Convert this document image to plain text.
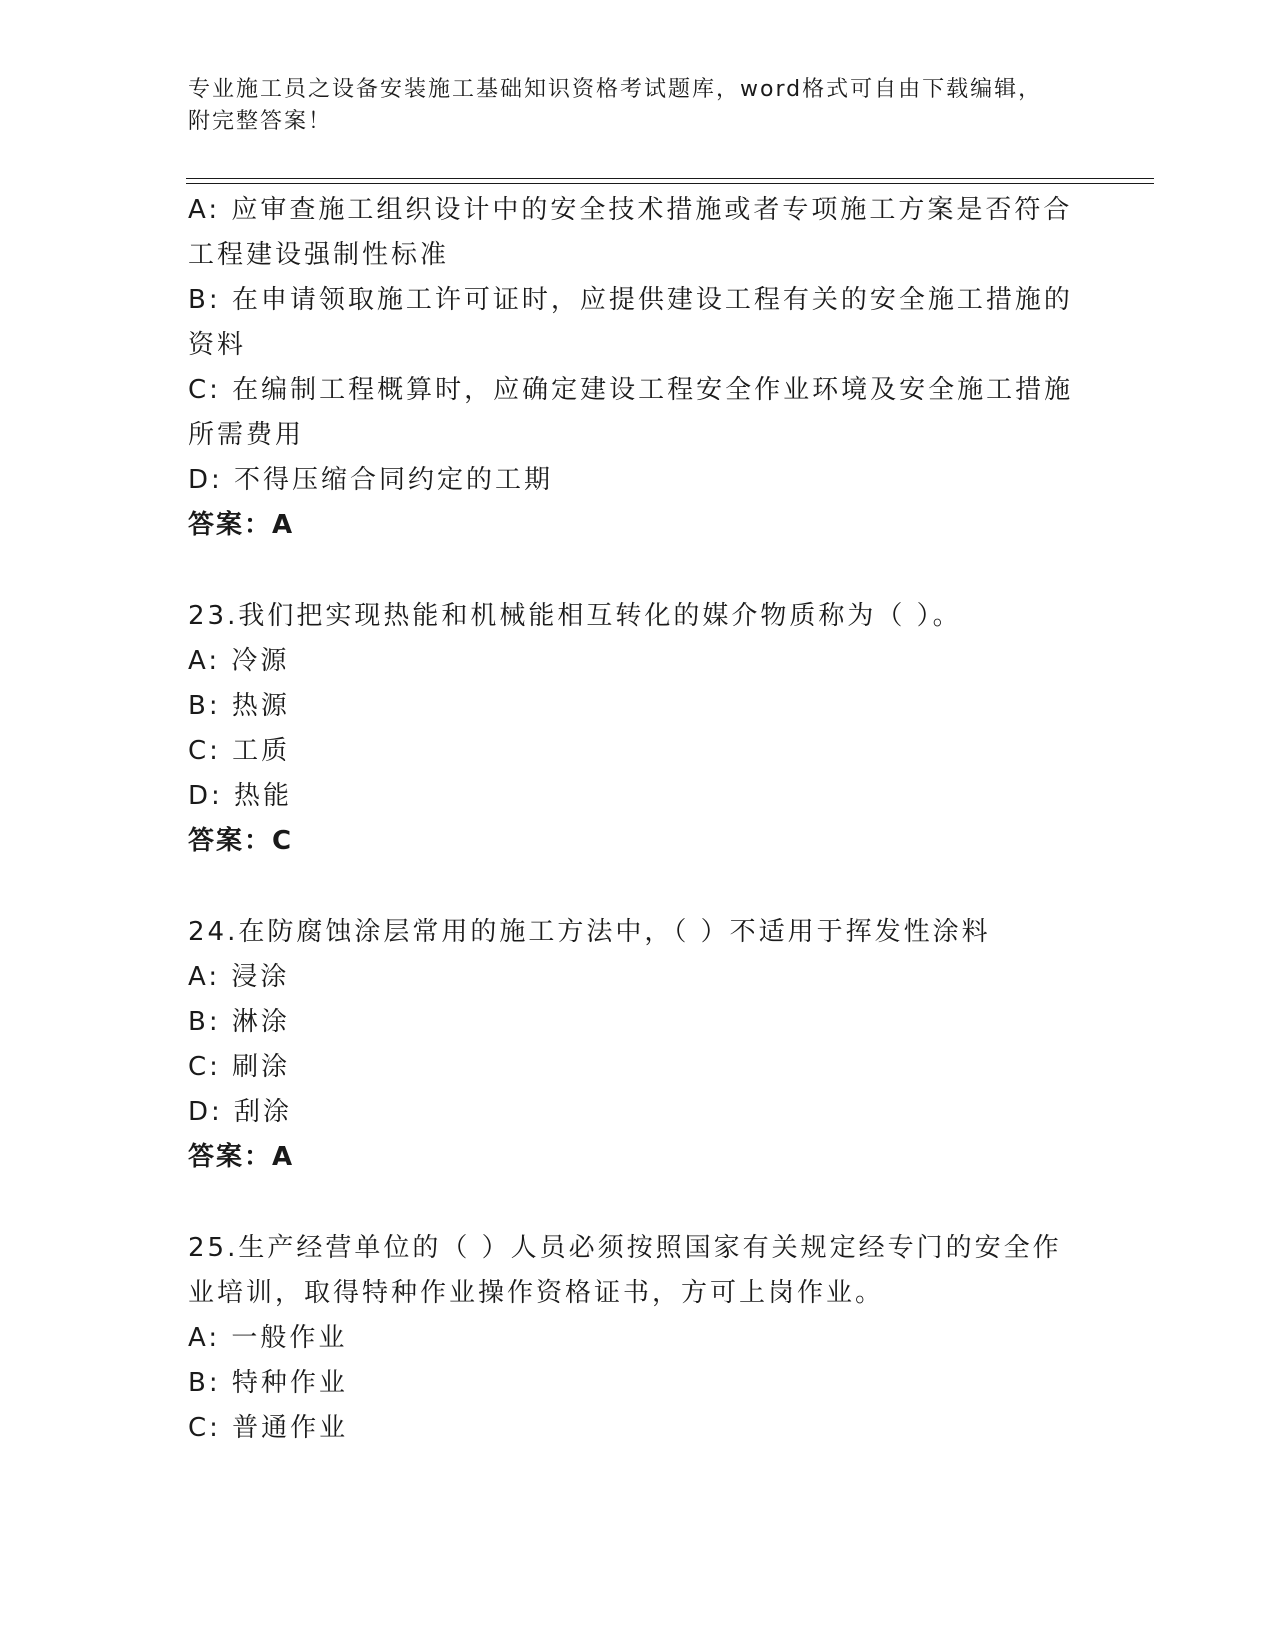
专业施工员之设备安装施工基础知识资格考试题库，word格式可自由下载编辑，
附完整答案！
A: 应审查施工组织设计中的安全技术措施或者专项施工方案是否符合
工程建设强制性标准
B: 在申请领取施工许可证时，应提供建设工程有关的安全施工措施的
资料
C: 在编制工程概算时，应确定建设工程安全作业环境及安全施工措施
所需费用
D: 不得压缩合同约定的工期
答案：A
23.我们把实现热能和机械能相互转化的媒介物质称为（ ）。
A: 冷源
B: 热源
C: 工质
D: 热能
答案：C
24.在防腐蚀涂层常用的施工方法中，（ ）不适用于挥发性涂料
A: 浸涂
B: 淋涂
C: 刷涂
D: 刮涂
答案：A
25.生产经营单位的（ ）人员必须按照国家有关规定经专门的安全作
业培训，取得特种作业操作资格证书，方可上岗作业。
A: 一般作业
B: 特种作业
C: 普通作业
